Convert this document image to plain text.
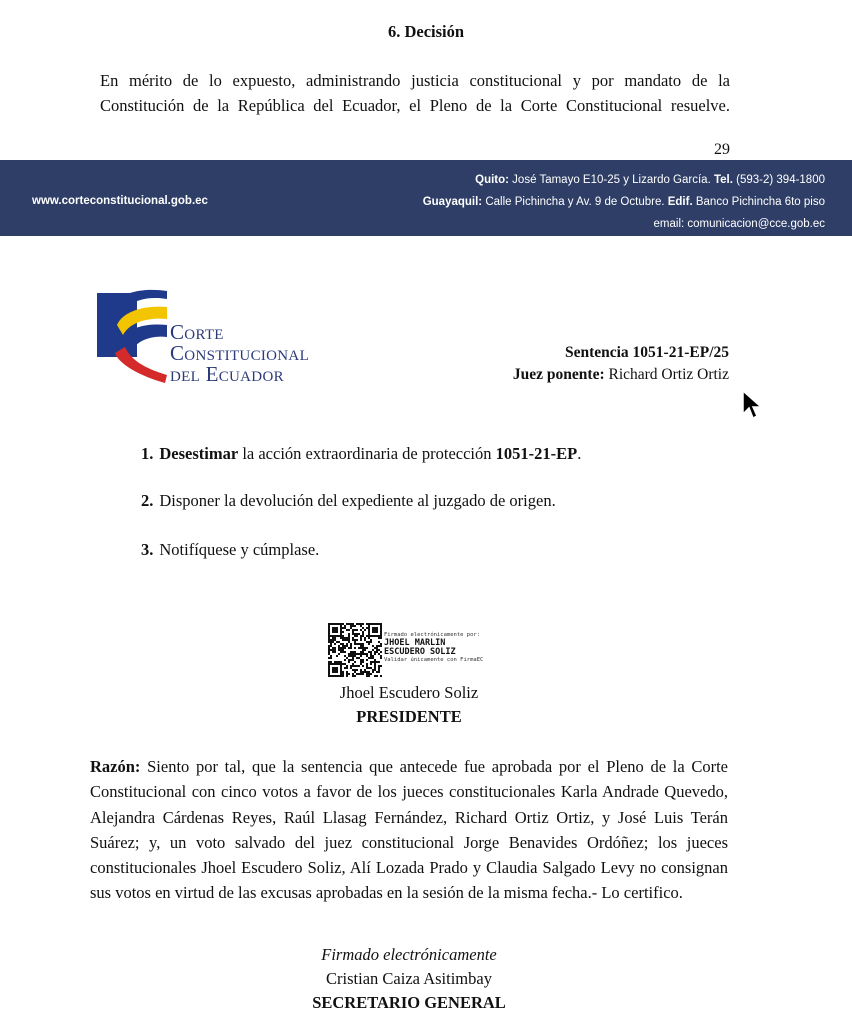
6. Decisión
En mérito de lo expuesto, administrando justicia constitucional y por mandato de la
Constitución de la República del Ecuador, el Pleno de la Corte Constitucional resuelve.
29
www.corteconstitucional.gob.ec
Quito: José Tamayo E10-25 y Lizardo García. Tel. (593-2) 394-1800
Guayaquil: Calle Pichincha y Av. 9 de Octubre. Edif. Banco Pichincha 6to piso
email: comunicacion@cce.gob.ec
Corte
Constitucional
del Ecuador
Sentencia 1051-21-EP/25
Juez ponente: Richard Ortiz Ortiz
1. Desestimar la acción extraordinaria de protección 1051-21-EP.
2. Disponer la devolución del expediente al juzgado de origen.
3. Notifíquese y cúmplase.
Firmado electrónicamente por:
JHOEL MARLIN
ESCUDERO SOLIZ
Validar únicamente con FirmaEC
Jhoel Escudero Soliz
PRESIDENTE
Razón: Siento por tal, que la sentencia que antecede fue aprobada por el Pleno de la Corte Constitucional con cinco votos a favor de los jueces constitucionales Karla Andrade Quevedo, Alejandra Cárdenas Reyes, Raúl Llasag Fernández, Richard Ortiz Ortiz, y José Luis Terán Suárez; y, un voto salvado del juez constitucional Jorge Benavides Ordóñez; los jueces constitucionales Jhoel Escudero Soliz, Alí Lozada Prado y Claudia Salgado Levy no consignan sus votos en virtud de las excusas aprobadas en la sesión de la misma fecha.- Lo certifico.
Firmado electrónicamente
Cristian Caiza Asitimbay
SECRETARIO GENERAL
